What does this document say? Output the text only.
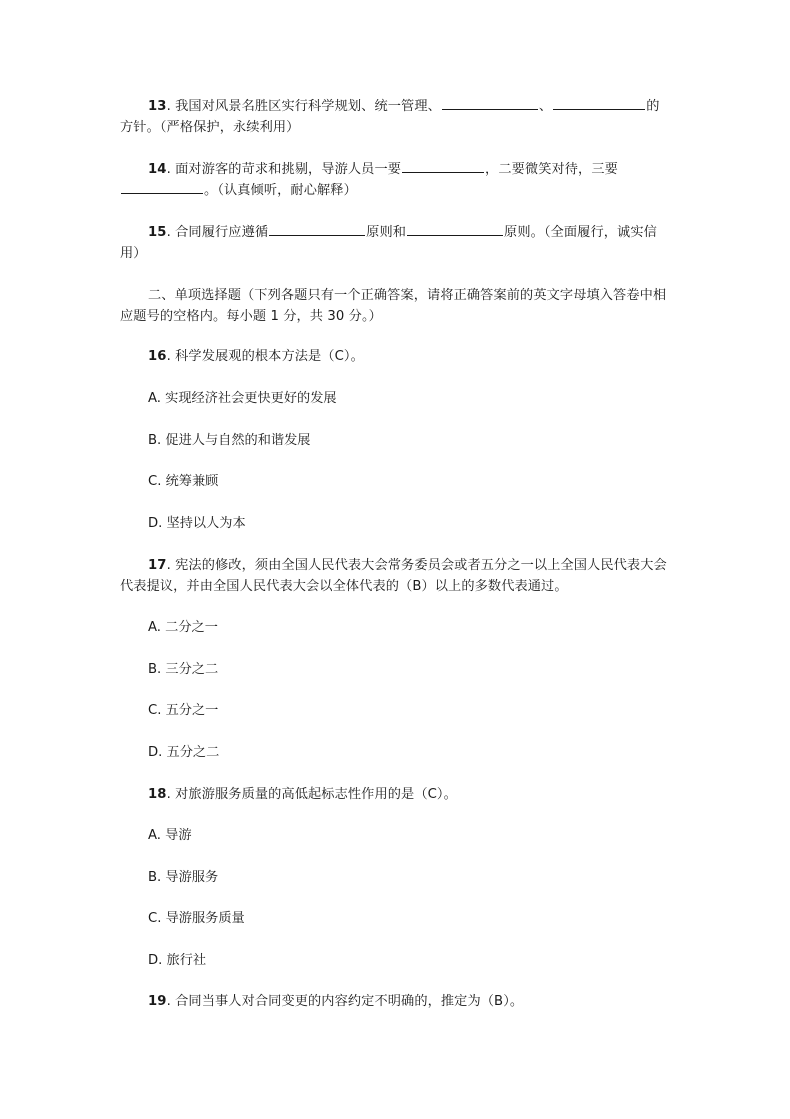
13. 我国对风景名胜区实行科学规划、统一管理、	、	的方针。（严格保护，永续利用）
14. 面对游客的苛求和挑剔，导游人员一要	，二要微笑对待，三要。（认真倾听，耐心解释）
15. 合同履行应遵循	原则和	原则。（全面履行，诚实信用）
二、单项选择题（下列各题只有一个正确答案，请将正确答案前的英文字母填入答卷中相应题号的空格内。每小题 1 分，共 30 分。）
16. 科学发展观的根本方法是（C）。
A. 实现经济社会更快更好的发展
B. 促进人与自然的和谐发展
C. 统筹兼顾
D. 坚持以人为本
17. 宪法的修改，须由全国人民代表大会常务委员会或者五分之一以上全国人民代表大会代表提议，并由全国人民代表大会以全体代表的（B）以上的多数代表通过。
A. 二分之一
B. 三分之二
C. 五分之一
D. 五分之二
18. 对旅游服务质量的高低起标志性作用的是（C）。
A. 导游
B. 导游服务
C. 导游服务质量
D. 旅行社
19. 合同当事人对合同变更的内容约定不明确的，推定为（B）。
